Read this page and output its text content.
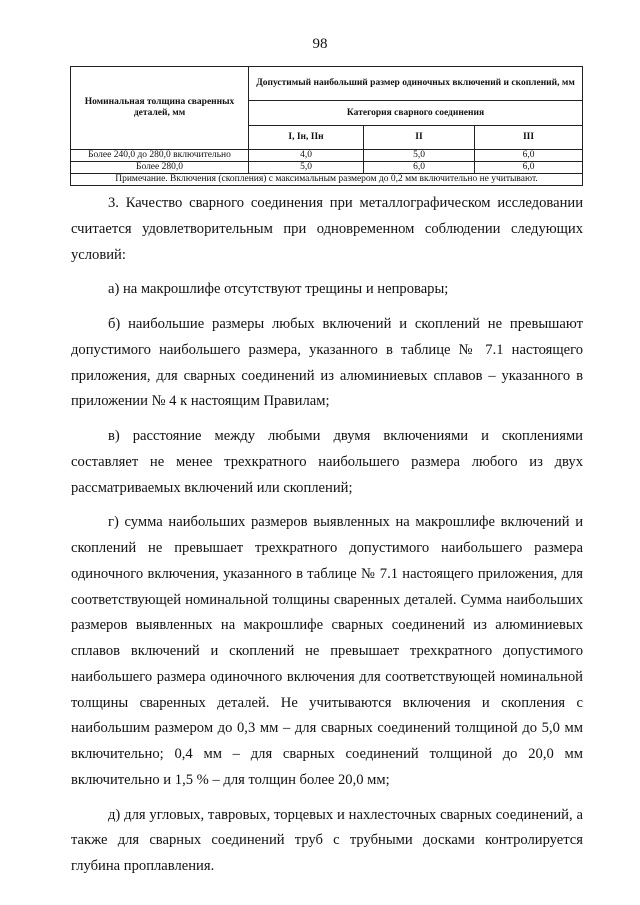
98
Номинальная толщина сваренных деталей, мм	Допустимый наибольший размер одиночных включений и скоплений, мм		
	Категория сварного соединения		
	I, Iн, IIн	II	III
Более 240,0 до 280,0 включительно	4,0	5,0	6,0
Более 280,0	5,0	6,0	6,0
Примечание. Включения (скопления) с максимальным размером до 0,2 мм включительно не учитывают.			

3. Качество сварного соединения при металлографическом исследовании считается удовлетворительным при одновременном соблюдении следующих условий:

а) на макрошлифе отсутствуют трещины и непровары;

б) наибольшие размеры любых включений и скоплений не превышают допустимого наибольшего размера, указанного в таблице № 7.1 настоящего приложения, для сварных соединений из алюминиевых сплавов – указанного в приложении № 4 к настоящим Правилам;

в) расстояние между любыми двумя включениями и скоплениями составляет не менее трехкратного наибольшего размера любого из двух рассматриваемых включений или скоплений;

г) сумма наибольших размеров выявленных на макрошлифе включений и скоплений не превышает трехкратного допустимого наибольшего размера одиночного включения, указанного в таблице № 7.1 настоящего приложения, для соответствующей номинальной толщины сваренных деталей. Сумма наибольших размеров выявленных на макрошлифе сварных соединений из алюминиевых сплавов включений и скоплений не превышает трехкратного допустимого наибольшего размера одиночного включения для соответствующей номинальной толщины сваренных деталей. Не учитываются включения и скопления с наибольшим размером до 0,3 мм – для сварных соединений толщиной до 5,0 мм включительно; 0,4 мм – для сварных соединений толщиной до 20,0 мм включительно и 1,5 % – для толщин более 20,0 мм;

д) для угловых, тавровых, торцевых и нахлесточных сварных соединений, а также для сварных соединений труб с трубными досками контролируется глубина проплавления.
